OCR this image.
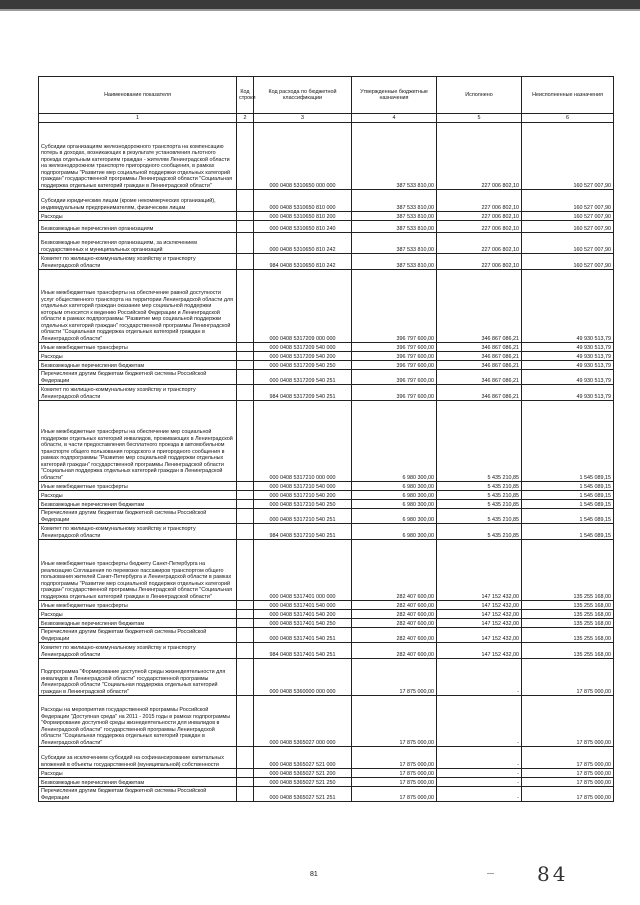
Наименование показателя	Код строки	Код расхода по бюджетной классификации	Утвержденные бюджетные назначения	Исполнено	Неисполненные назначения
1	2	3	4	5	6
Субсидии организациям железнодорожного транспорта на компенсацию потерь в доходах, возникающих в результате установления льготного проезда отдельным категориям граждан - жителям Ленинградской области на железнодорожном транспорте пригородного сообщения, в рамках подпрограммы "Развитие мер социальной поддержки отдельных категорий граждан" государственной программы Ленинградской области "Социальная поддержка отдельных категорий граждан в Ленинградской области"		000 0408 5310650 000 000	387 533 810,00	227 006 802,10	160 527 007,90
Субсидии юридическим лицам (кроме некоммерческих организаций), индивидуальным предпринимателям, физическим лицам		000 0408 5310650 810 000	387 533 810,00	227 006 802,10	160 527 007,90
Расходы		000 0408 5310650 810 200	387 533 810,00	227 006 802,10	160 527 007,90
Безвозмездные перечисления организациям		000 0408 5310650 810 240	387 533 810,00	227 006 802,10	160 527 007,90
Безвозмездные перечисления организациям, за исключением государственных и муниципальных организаций		000 0408 5310650 810 242	387 533 810,00	227 006 802,10	160 527 007,90
Комитет по жилищно-коммунальному хозяйству и транспорту Ленинградской области		984 0408 5310650 810 242	387 533 810,00	227 006 802,10	160 527 007,90
Иные межбюджетные трансферты на обеспечение равной доступности услуг общественного транспорта на территории Ленинградской области для отдельных категорий граждан оказание мер социальной поддержки которым относится к ведению Российской Федерации и Ленинградской области в рамках подпрограммы "Развитие мер социальной поддержки отдельных категорий граждан" государственной программы Ленинградской области "Социальная поддержка отдельных категорий граждан в Ленинградской области"		000 0408 5317209 000 000	396 797 600,00	346 867 086,21	49 930 513,79
Иные межбюджетные трансферты		000 0408 5317209 540 000	396 797 600,00	346 867 086,21	49 930 513,79
Расходы		000 0408 5317209 540 200	396 797 600,00	346 867 086,21	49 930 513,79
Безвозмездные перечисления бюджетам		000 0408 5317209 540 250	396 797 600,00	346 867 086,21	49 930 513,79
Перечисления другим бюджетам бюджетной системы Российской Федерации		000 0408 5317209 540 251	396 797 600,00	346 867 086,21	49 930 513,79
Комитет по жилищно-коммунальному хозяйству и транспорту Ленинградской области		984 0408 5317209 540 251	396 797 600,00	346 867 086,21	49 930 513,79
Иные межбюджетные трансферты на обеспечение мер социальной поддержки отдельных категорий инвалидов, проживающих в Ленинградской области, в части предоставления бесплатного проезда в автомобильном транспорте общего пользования городского и пригородного сообщения в рамках подпрограммы "Развитие мер социальной поддержки отдельных категорий граждан" государственной программы Ленинградской области "Социальная поддержка отдельных категорий граждан в Ленинградской области"		000 0408 5317210 000 000	6 980 300,00	5 435 210,85	1 545 089,15
Иные межбюджетные трансферты		000 0408 5317210 540 000	6 980 300,00	5 435 210,85	1 545 089,15
Расходы		000 0408 5317210 540 200	6 980 300,00	5 435 210,85	1 545 089,15
Безвозмездные перечисления бюджетам		000 0408 5317210 540 250	6 980 300,00	5 435 210,85	1 545 089,15
Перечисления другим бюджетам бюджетной системы Российской Федерации		000 0408 5317210 540 251	6 980 300,00	5 435 210,85	1 545 089,15
Комитет по жилищно-коммунальному хозяйству и транспорту Ленинградской области		984 0408 5317210 540 251	6 980 300,00	5 435 210,85	1 545 089,15
Иные межбюджетные трансферты бюджету Санкт-Петербурга на реализацию Соглашения по перевозке пассажиров транспортом общего пользования жителей Санкт-Петербурга и Ленинградской области в рамках подпрограммы "Развитие мер социальной поддержки отдельных категорий граждан" государственной программы Ленинградской области "Социальная поддержка отдельных категорий граждан в Ленинградской области"		000 0408 5317401 000 000	282 407 600,00	147 152 432,00	135 255 168,00
Иные межбюджетные трансферты		000 0408 5317401 540 000	282 407 600,00	147 152 432,00	135 255 168,00
Расходы		000 0408 5317401 540 200	282 407 600,00	147 152 432,00	135 255 168,00
Безвозмездные перечисления бюджетам		000 0408 5317401 540 250	282 407 600,00	147 152 432,00	135 255 168,00
Перечисления другим бюджетам бюджетной системы Российской Федерации		000 0408 5317401 540 251	282 407 600,00	147 152 432,00	135 255 168,00
Комитет по жилищно-коммунальному хозяйству и транспорту Ленинградской области		984 0408 5317401 540 251	282 407 600,00	147 152 432,00	135 255 168,00
Подпрограмма "Формирование доступной среды жизнедеятельности для инвалидов в Ленинградской области" государственной программы Ленинградской области "Социальная поддержка отдельных категорий граждан в Ленинградской области"		000 0408 5360000 000 000	17 875 000,00	-	17 875 000,00
Расходы на мероприятия государственной программы Российской Федерации "Доступная среда" на 2011 - 2015 годы в рамках подпрограммы "Формирование доступной среды жизнедеятельности для инвалидов в Ленинградской области" государственной программы Ленинградской области "Социальная поддержка отдельных категорий граждан в Ленинградской области"		000 0408 5365027 000 000	17 875 000,00	-	17 875 000,00
Субсидии за исключением субсидий на софинансирование капитальных вложений в объекты государственной (муниципальной) собственности		000 0408 5365027 521 000	17 875 000,00	-	17 875 000,00
Расходы		000 0408 5365027 521 200	17 875 000,00	-	17 875 000,00
Безвозмездные перечисления бюджетам		000 0408 5365027 521 250	17 875 000,00	-	17 875 000,00
Перечисления другим бюджетам бюджетной системы Российской Федерации		000 0408 5365027 521 251	17 875 000,00	-	17 875 000,00
81	— 84
